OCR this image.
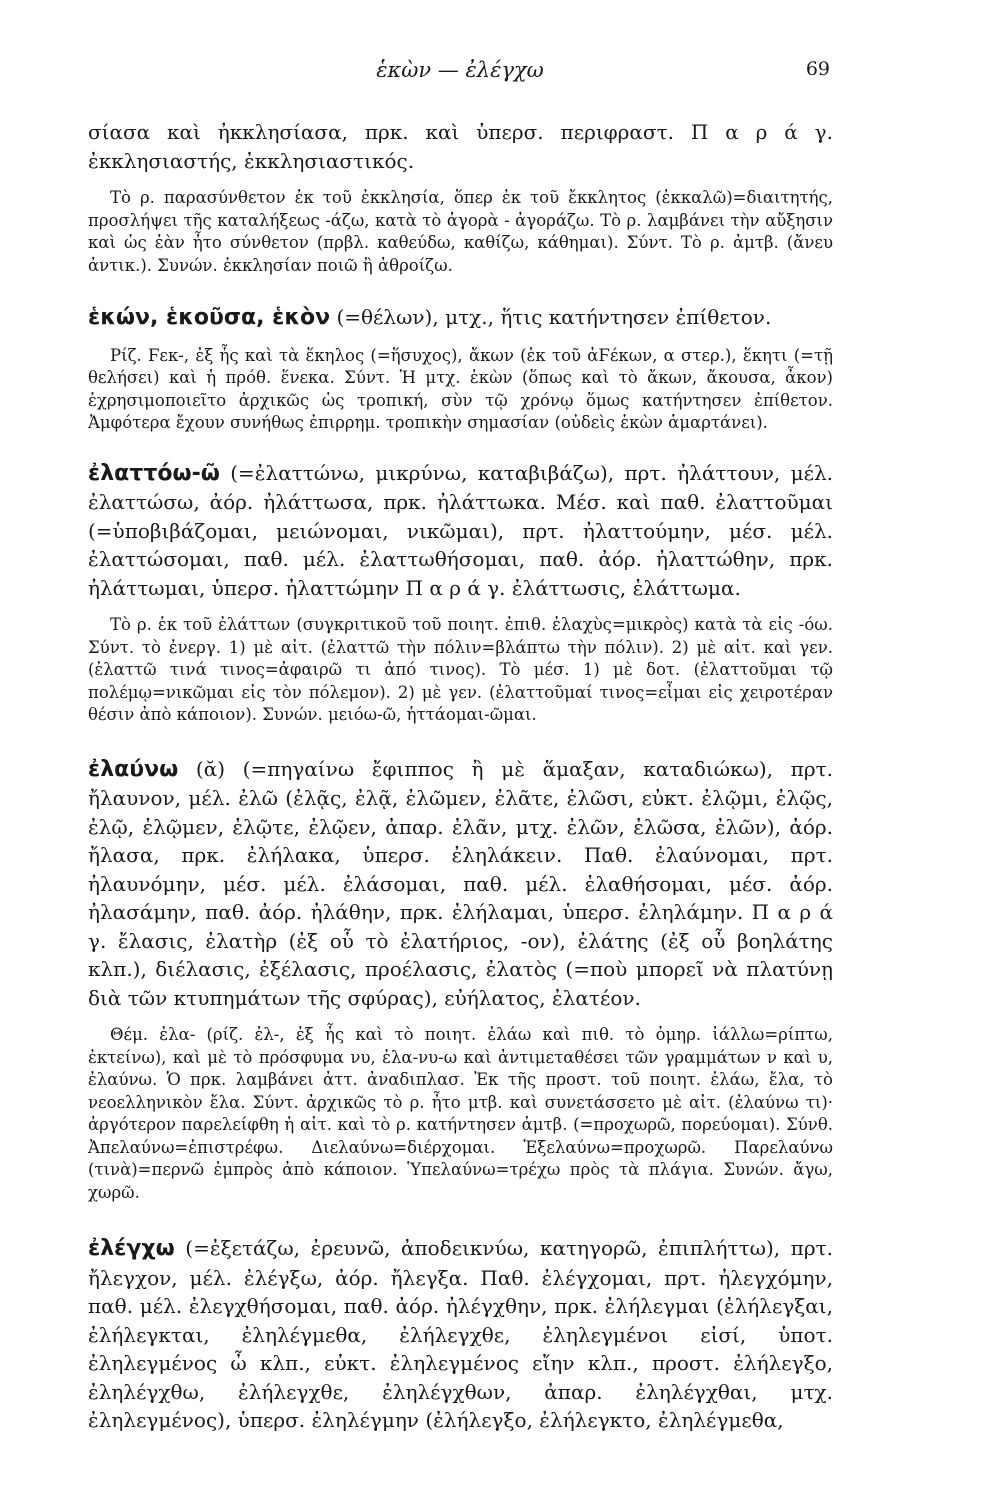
ἑκὼν — ἐλέγχω	69

σίασα καὶ ἠκκλησίασα, πρκ. καὶ ὑπερσ. περιφραστ. Π α ρ ά γ. ἐκκλησιαστής, ἐκκλησιαστικός.

Τὸ ρ. παρασύνθετον ἐκ τοῦ ἐκκλησία, ὅπερ ἐκ τοῦ ἔκκλητος (ἐκκαλῶ)=διαιτητής, προσλήψει τῆς καταλήξεως -άζω, κατὰ τὸ ἀγορὰ - ἀγοράζω. Τὸ ρ. λαμβάνει τὴν αὔξησιν καὶ ὡς ἐὰν ἦτο σύνθετον (πρβλ. καθεύδω, καθίζω, κάθημαι). Σύντ. Τὸ ρ. ἀμτβ. (ἄνευ ἀντικ.). Συνών. ἐκκλησίαν ποιῶ ἢ ἀθροίζω.

ἑκών, ἑκοῦσα, ἑκὸν (=θέλων), μτχ., ἥτις κατήντησεν ἐπίθετον.

Ρίζ. Ϝεκ-, ἐξ ἧς καὶ τὰ ἕκηλος (=ἥσυχος), ἄκων (ἐκ τοῦ ἀϜέκων, α στερ.), ἕκητι (=τῇ θελήσει) καὶ ἡ πρόθ. ἕνεκα. Σύντ. Ἡ μτχ. ἑκὼν (ὅπως καὶ τὸ ἄκων, ἄκουσα, ἆκον) ἐχρησιμοποιεῖτο ἀρχικῶς ὡς τροπική, σὺν τῷ χρόνῳ ὅμως κατήντησεν ἐπίθετον. Ἀμφότερα ἔχουν συνήθως ἐπιρρημ. τροπικὴν σημασίαν (οὐδεὶς ἑκὼν ἁμαρτάνει).

ἐλαττόω-ῶ (=ἐλαττώνω, μικρύνω, καταβιβάζω), πρτ. ἠλάττουν, μέλ. ἐλαττώσω, ἀόρ. ἠλάττωσα, πρκ. ἠλάττωκα. Μέσ. καὶ παθ. ἐλαττοῦμαι (=ὑποβιβάζομαι, μειώνομαι, νικῶμαι), πρτ. ἠλαττούμην, μέσ. μέλ. ἐλαττώσομαι, παθ. μέλ. ἐλαττωθήσομαι, παθ. ἀόρ. ἠλαττώθην, πρκ. ἠλάττωμαι, ὑπερσ. ἠλαττώμην Π α ρ ά γ. ἐλάττωσις, ἐλάττωμα.

Τὸ ρ. ἐκ τοῦ ἐλάττων (συγκριτικοῦ τοῦ ποιητ. ἐπιθ. ἐλαχὺς=μικρὸς) κατὰ τὰ εἰς -όω. Σύντ. τὸ ἐνεργ. 1) μὲ αἰτ. (ἐλαττῶ τὴν πόλιν=βλάπτω τὴν πόλιν). 2) μὲ αἰτ. καὶ γεν. (ἐλαττῶ τινά τινος=ἀφαιρῶ τι ἀπό τινος). Τὸ μέσ. 1) μὲ δοτ. (ἐλαττοῦμαι τῷ πολέμῳ=νικῶμαι εἰς τὸν πόλεμον). 2) μὲ γεν. (ἐλαττοῦμαί τινος=εἶμαι εἰς χειροτέραν θέσιν ἀπὸ κάποιον). Συνών. μειόω-ῶ, ἡττάομαι-ῶμαι.

ἐλαύνω (ᾰ) (=πηγαίνω ἔφιππος ἢ μὲ ἅμαξαν, καταδιώκω), πρτ. ἤλαυνον, μέλ. ἐλῶ (ἐλᾷς, ἐλᾷ, ἐλῶμεν, ἐλᾶτε, ἐλῶσι, εὐκτ. ἐλῷμι, ἐλῷς, ἐλῷ, ἐλῷμεν, ἐλῷτε, ἐλῷεν, ἀπαρ. ἐλᾶν, μτχ. ἐλῶν, ἐλῶσα, ἐλῶν), ἀόρ. ἤλασα, πρκ. ἐλήλακα, ὑπερσ. ἐληλάκειν. Παθ. ἐλαύνομαι, πρτ. ἠλαυνόμην, μέσ. μέλ. ἐλάσομαι, παθ. μέλ. ἐλαθήσομαι, μέσ. ἀόρ. ἠλασάμην, παθ. ἀόρ. ἠλάθην, πρκ. ἐλήλαμαι, ὑπερσ. ἐληλάμην. Π α ρ ά γ. ἔλασις, ἐλατὴρ (ἐξ οὗ τὸ ἐλατήριος, -ον), ἐλάτης (ἐξ οὗ βοηλάτης κλπ.), διέλασις, ἐξέλασις, προέλασις, ἐλατὸς (=ποὺ μπορεῖ νὰ πλατύνῃ διὰ τῶν κτυπημάτων τῆς σφύρας), εὐήλατος, ἐλατέον.

Θέμ. ἐλα- (ρίζ. ἐλ-, ἐξ ἧς καὶ τὸ ποιητ. ἐλάω καὶ πιθ. τὸ ὁμηρ. ἰάλλω=ρίπτω, ἐκτείνω), καὶ μὲ τὸ πρόσφυμα νυ, ἐλα-νυ-ω καὶ ἀντιμεταθέσει τῶν γραμμάτων ν καὶ υ, ἐλαύνω. Ὁ πρκ. λαμβάνει ἀττ. ἀναδιπλασ. Ἐκ τῆς προστ. τοῦ ποιητ. ἐλάω, ἔλα, τὸ νεοελληνικὸν ἔλα. Σύντ. ἀρχικῶς τὸ ρ. ἦτο μτβ. καὶ συνετάσσετο μὲ αἰτ. (ἐλαύνω τι)· ἀργότερον παρελείφθη ἡ αἰτ. καὶ τὸ ρ. κατήντησεν ἀμτβ. (=προχωρῶ, πορεύομαι). Σύνθ. Ἀπελαύνω=ἐπιστρέφω. Διελαύνω=διέρχομαι. Ἐξελαύνω=προχωρῶ. Παρελαύνω (τινὰ)=περνῶ ἐμπρὸς ἀπὸ κάποιον. Ὑπελαύνω=τρέχω πρὸς τὰ πλάγια. Συνών. ἄγω, χωρῶ.

ἐλέγχω (=ἐξετάζω, ἐρευνῶ, ἀποδεικνύω, κατηγορῶ, ἐπιπλήττω), πρτ. ἤλεγχον, μέλ. ἐλέγξω, ἀόρ. ἤλεγξα. Παθ. ἐλέγχομαι, πρτ. ἠλεγχόμην, παθ. μέλ. ἐλεγχθήσομαι, παθ. ἀόρ. ἠλέγχθην, πρκ. ἐλήλεγμαι (ἐλήλεγξαι, ἐλήλεγκται, ἐληλέγμεθα, ἐλήλεγχθε, ἐληλεγμένοι εἰσί, ὑποτ. ἐληλεγμένος ὦ κλπ., εὐκτ. ἐληλεγμένος εἴην κλπ., προστ. ἐλήλεγξο, ἐληλέγχθω, ἐλήλεγχθε, ἐληλέγχθων, ἀπαρ. ἐληλέγχθαι, μτχ. ἐληλεγμένος), ὑπερσ. ἐληλέγμην (ἐλήλεγξο, ἐλήλεγκτο, ἐληλέγμεθα,
